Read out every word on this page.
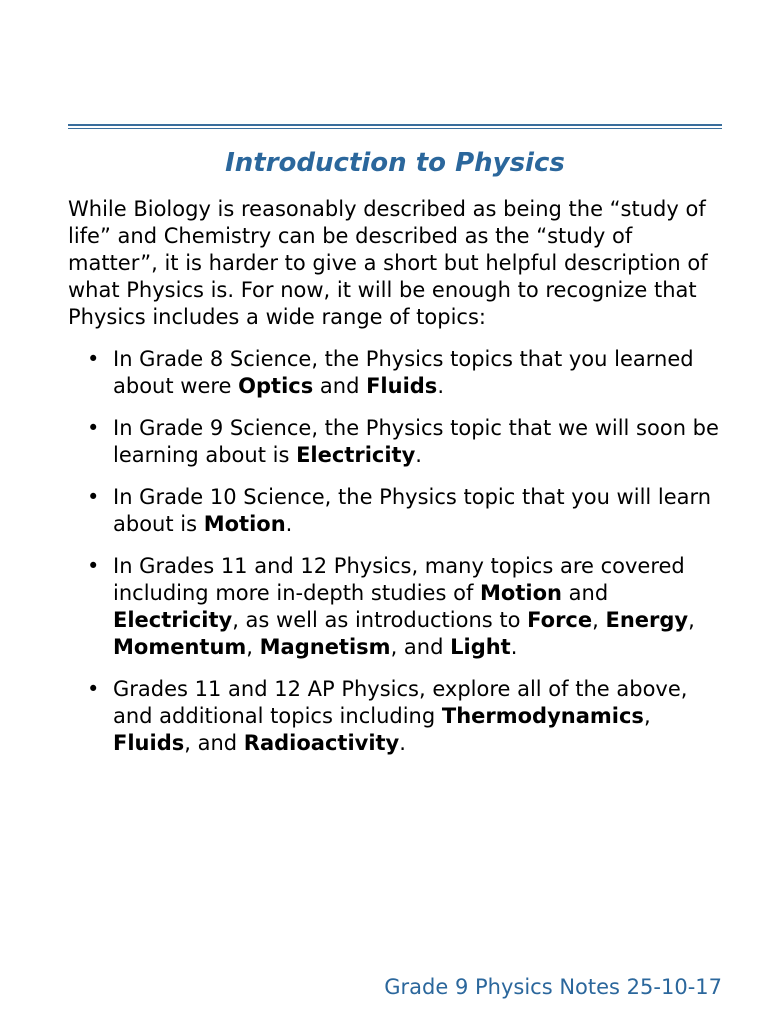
Introduction to Physics

While Biology is reasonably described as being the “study of life” and Chemistry can be described as the “study of matter”, it is harder to give a short but helpful description of what Physics is. For now, it will be enough to recognize that Physics includes a wide range of topics:

• In Grade 8 Science, the Physics topics that you learned about were Optics and Fluids.
• In Grade 9 Science, the Physics topic that we will soon be learning about is Electricity.
• In Grade 10 Science, the Physics topic that you will learn about is Motion.
• In Grades 11 and 12 Physics, many topics are covered including more in-depth studies of Motion and Electricity, as well as introductions to Force, Energy, Momentum, Magnetism, and Light.
• Grades 11 and 12 AP Physics, explore all of the above, and additional topics including Thermodynamics, Fluids, and Radioactivity.
Grade 9 Physics Notes 25-10-17
